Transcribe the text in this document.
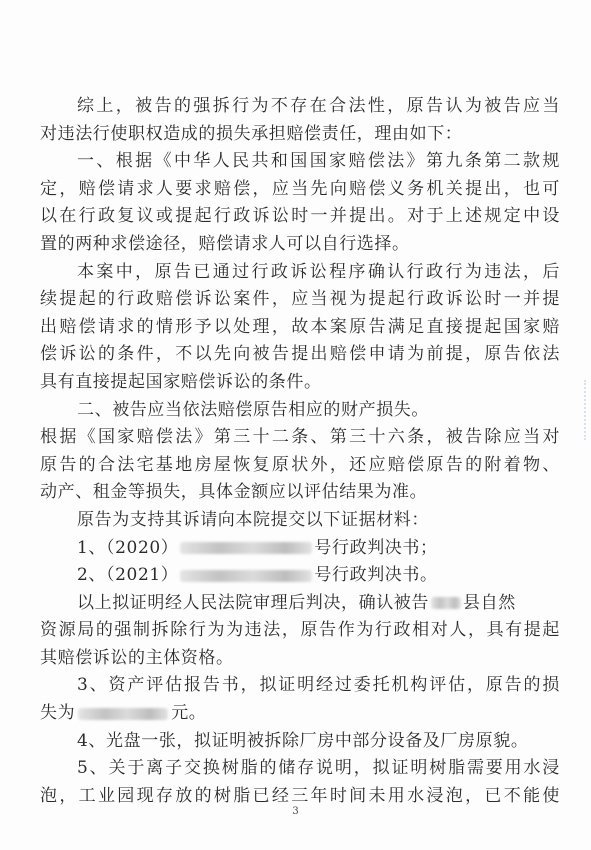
综上，被告的强拆行为不存在合法性，原告认为被告应当
对违法行使职权造成的损失承担赔偿责任，理由如下：
一、根据《中华人民共和国国家赔偿法》第九条第二款规
定，赔偿请求人要求赔偿，应当先向赔偿义务机关提出，也可
以在行政复议或提起行政诉讼时一并提出。对于上述规定中设
置的两种求偿途径，赔偿请求人可以自行选择。
本案中，原告已通过行政诉讼程序确认行政行为违法，后
续提起的行政赔偿诉讼案件，应当视为提起行政诉讼时一并提
出赔偿请求的情形予以处理，故本案原告满足直接提起国家赔
偿诉讼的条件，不以先向被告提出赔偿申请为前提，原告依法
具有直接提起国家赔偿诉讼的条件。
二、被告应当依法赔偿原告相应的财产损失。
根据《国家赔偿法》第三十二条、第三十六条，被告除应当对
原告的合法宅基地房屋恢复原状外，还应赔偿原告的附着物、
动产、租金等损失，具体金额应以评估结果为准。
原告为支持其诉请向本院提交以下证据材料：
1、（2020）	号行政判决书；
2、（2021）	号行政判决书。
以上拟证明经人民法院审理后判决，确认被告 县自然
资源局的强制拆除行为为违法，原告作为行政相对人，具有提起
其赔偿诉讼的主体资格。
3、资产评估报告书，拟证明经过委托机构评估，原告的损
失为	元。
4、光盘一张，拟证明被拆除厂房中部分设备及厂房原貌。
5、关于离子交换树脂的储存说明，拟证明树脂需要用水浸
泡，工业园现存放的树脂已经三年时间未用水浸泡，已不能使
3
